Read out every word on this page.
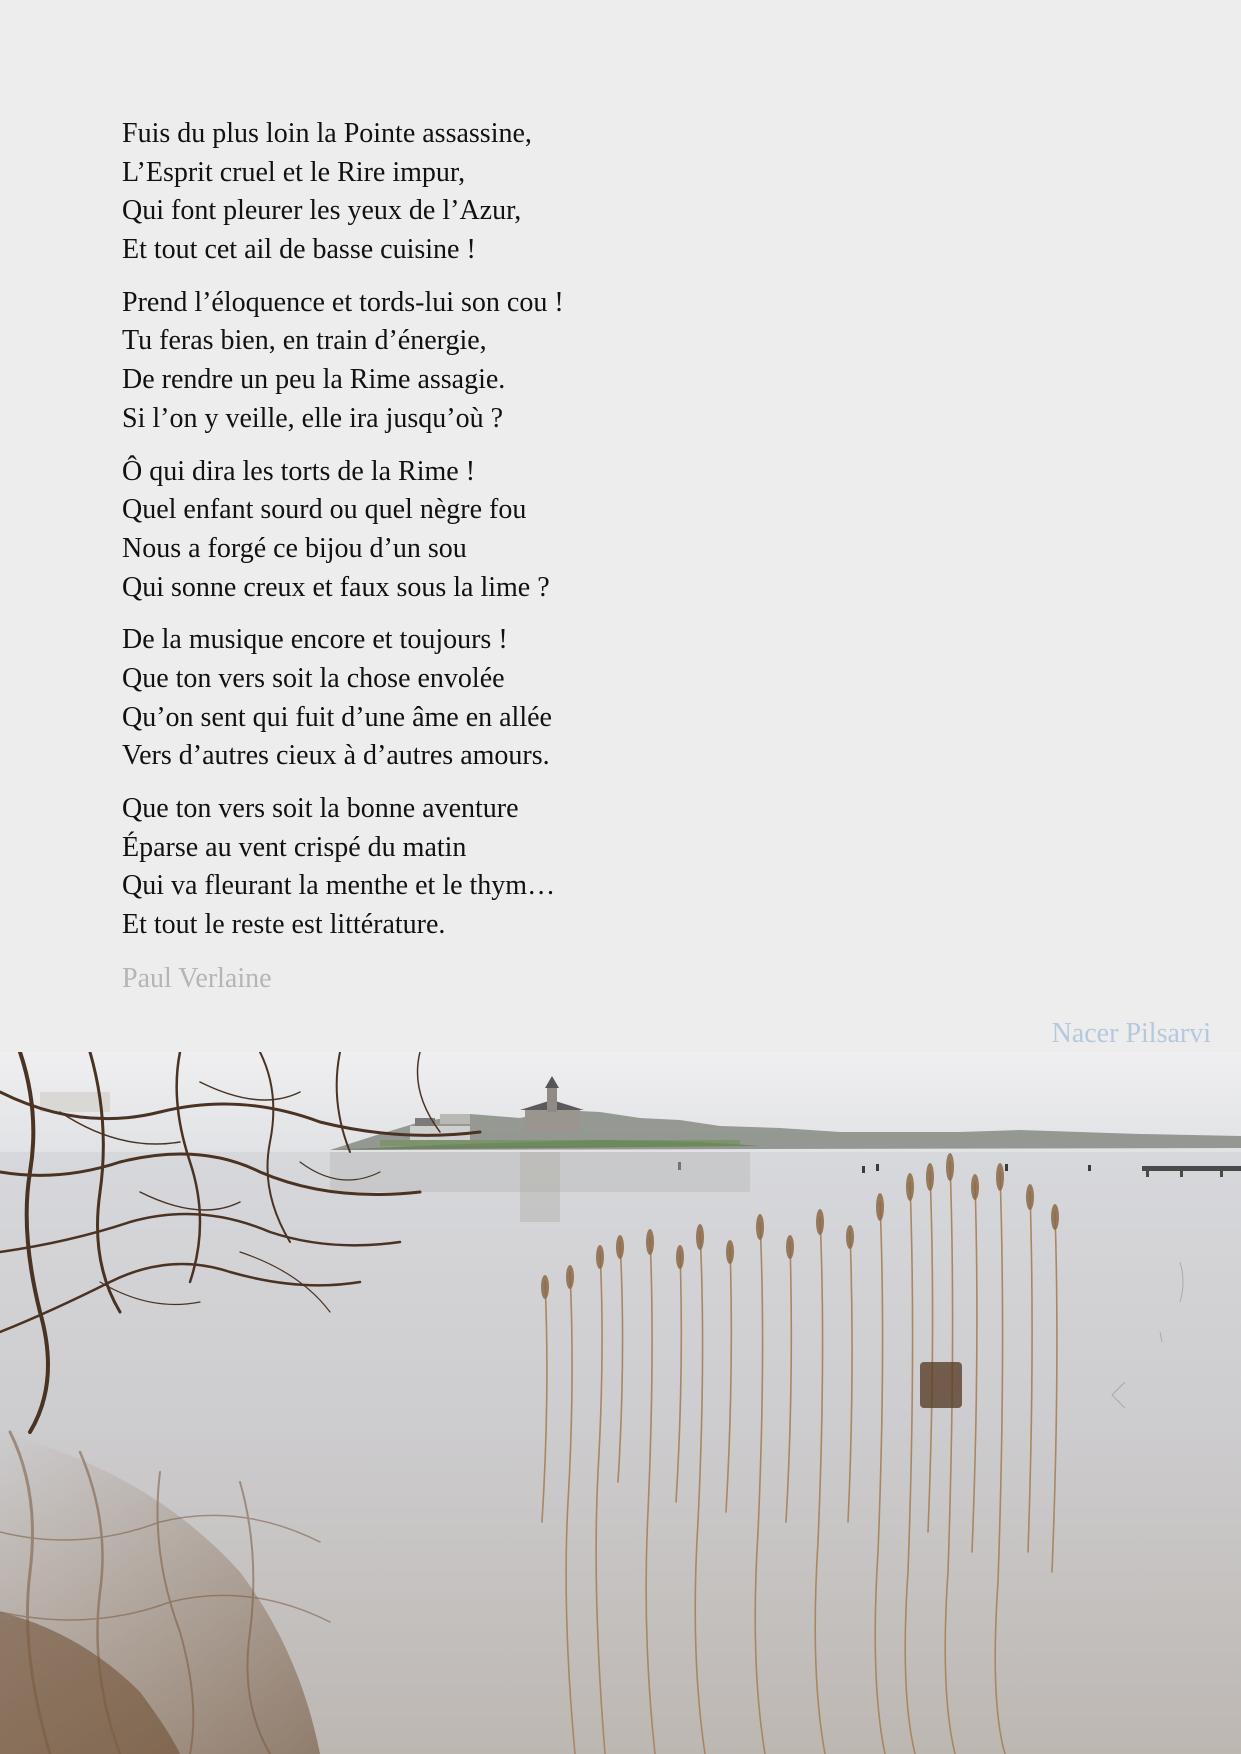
Fuis du plus loin la Pointe assassine,
L’Esprit cruel et le Rire impur,
Qui font pleurer les yeux de l’Azur,
Et tout cet ail de basse cuisine !
Prend l’éloquence et tords-lui son cou !
Tu feras bien, en train d’énergie,
De rendre un peu la Rime assagie.
Si l’on y veille, elle ira jusqu’où ?
Ô qui dira les torts de la Rime !
Quel enfant sourd ou quel nègre fou
Nous a forgé ce bijou d’un sou
Qui sonne creux et faux sous la lime ?
De la musique encore et toujours !
Que ton vers soit la chose envolée
Qu’on sent qui fuit d’une âme en allée
Vers d’autres cieux à d’autres amours.
Que ton vers soit la bonne aventure
Éparse au vent crispé du matin
Qui va fleurant la menthe et le thym…
Et tout le reste est littérature.
Paul Verlaine
Nacer Pilsarvi
